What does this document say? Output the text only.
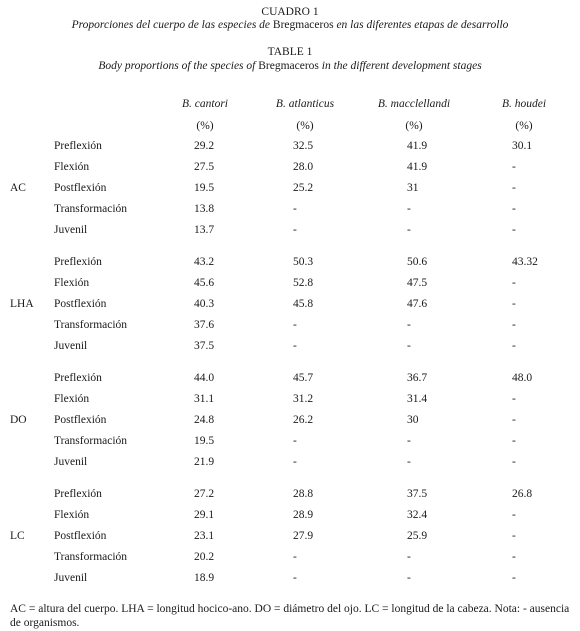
CUADRO 1
Proporciones del cuerpo de las especies de Bregmaceros en las diferentes etapas de desarrollo
TABLE 1
Body proportions of the species of Bregmaceros in the different development stages
B. cantori	B. atlanticus	B. macclellandi	B. houdei
(%)	(%)	(%)	(%)
AC
Preflexión	29.2	32.5	41.9	30.1
Flexión	27.5	28.0	41.9	-
Postflexión	19.5	25.2	31	-
Transformación	13.8	-	-	-
Juvenil	13.7	-	-	-
LHA
Preflexión	43.2	50.3	50.6	43.32
Flexión	45.6	52.8	47.5	-
Postflexión	40.3	45.8	47.6	-
Transformación	37.6	-	-	-
Juvenil	37.5	-	-	-
DO
Preflexión	44.0	45.7	36.7	48.0
Flexión	31.1	31.2	31.4	-
Postflexión	24.8	26.2	30	-
Transformación	19.5	-	-	-
Juvenil	21.9	-	-	-
LC
Preflexión	27.2	28.8	37.5	26.8
Flexión	29.1	28.9	32.4	-
Postflexión	23.1	27.9	25.9	-
Transformación	20.2	-	-	-
Juvenil	18.9	-	-	-
AC = altura del cuerpo. LHA = longitud hocico-ano. DO = diámetro del ojo. LC = longitud de la cabeza. Nota: - ausencia de organismos.
